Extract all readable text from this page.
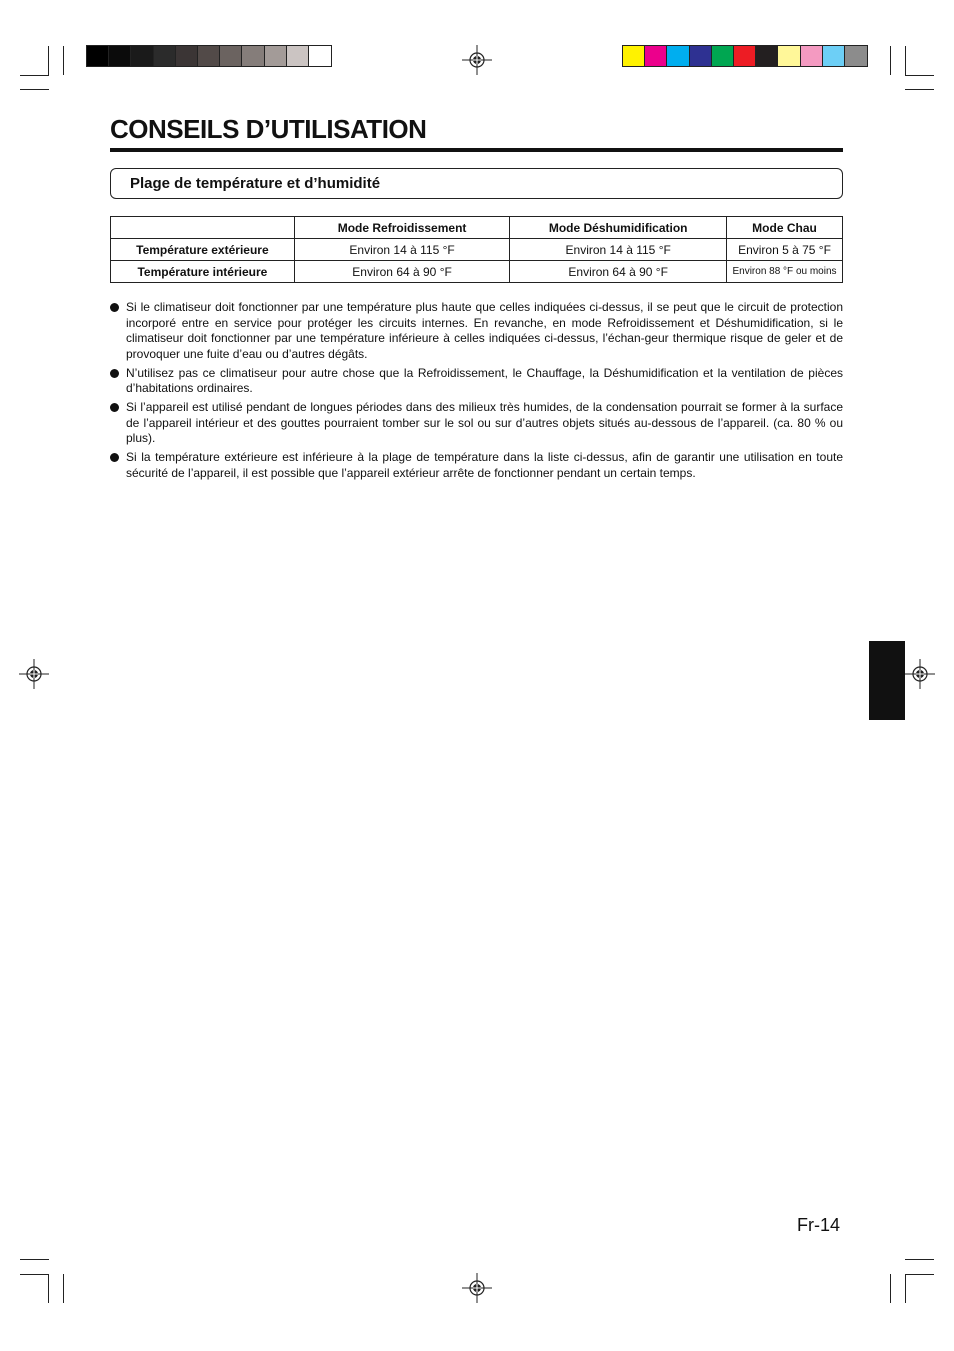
CONSEILS D’UTILISATION
Plage de température et d’humidité
	Mode Refroidissement	Mode Déshumidification	Mode Chau
Température extérieure	Environ 14 à 115 °F	Environ 14 à 115 °F	Environ 5 à 75 °F
Température intérieure	Environ 64 à 90 °F	Environ 64 à 90 °F	Environ 88 °F ou moins
Si le climatiseur doit fonctionner par une température plus haute que celles indiquées ci-dessus, il se peut que le circuit de protection incorporé entre en service pour protéger les circuits internes. En revanche, en mode Refroidissement et Déshumidification, si le climatiseur doit fonctionner par une température inférieure à celles indiquées ci-dessus, l’échan-geur thermique risque de geler et de provoquer une fuite d’eau ou d’autres dégâts.
N’utilisez pas ce climatiseur pour autre chose que la Refroidissement, le Chauffage, la Déshumidification et la ventilation de pièces d’habitations ordinaires.
Si l’appareil est utilisé pendant de longues périodes dans des milieux très humides, de la condensation pourrait se former à la surface de l’appareil intérieur et des gouttes pourraient tomber sur le sol ou sur d’autres objets situés au-dessous de l’appareil. (ca. 80 % ou plus).
Si la température extérieure est inférieure à la plage de température dans la liste ci-dessus, afin de garantir une utilisation en toute sécurité de l’appareil, il est possible que l’appareil extérieur arrête de fonctionner pendant un certain temps.
Fr-14
